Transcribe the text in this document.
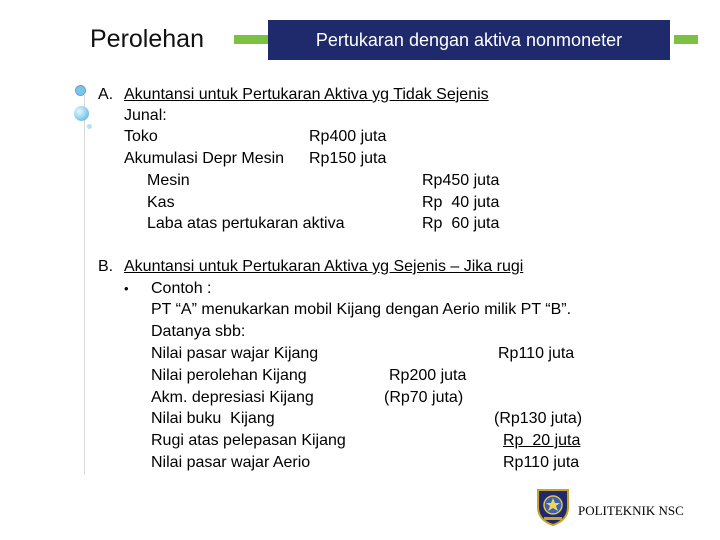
Perolehan	Pertukaran dengan aktiva nonmoneter
A. Akuntansi untuk Pertukaran Aktiva yg Tidak Sejenis
Junal:
Toko	Rp400 juta
Akumulasi Depr Mesin Rp150 juta
Mesin	Rp450 juta
Kas	Rp  40 juta
Laba atas pertukaran aktiva	Rp  60 juta
B. Akuntansi untuk Pertukaran Aktiva yg Sejenis – Jika rugi
• Contoh :
PT “A” menukarkan mobil Kijang dengan Aerio milik PT “B”.
Datanya sbb:
Nilai pasar wajar Kijang	Rp110 juta
Nilai perolehan Kijang	Rp200 juta
Akm. depresiasi Kijang	(Rp70 juta)
Nilai buku  Kijang	(Rp130 juta)
Rugi atas pelepasan Kijang	Rp  20 juta
Nilai pasar wajar Aerio	Rp110 juta
POLITEKNIK NSC
